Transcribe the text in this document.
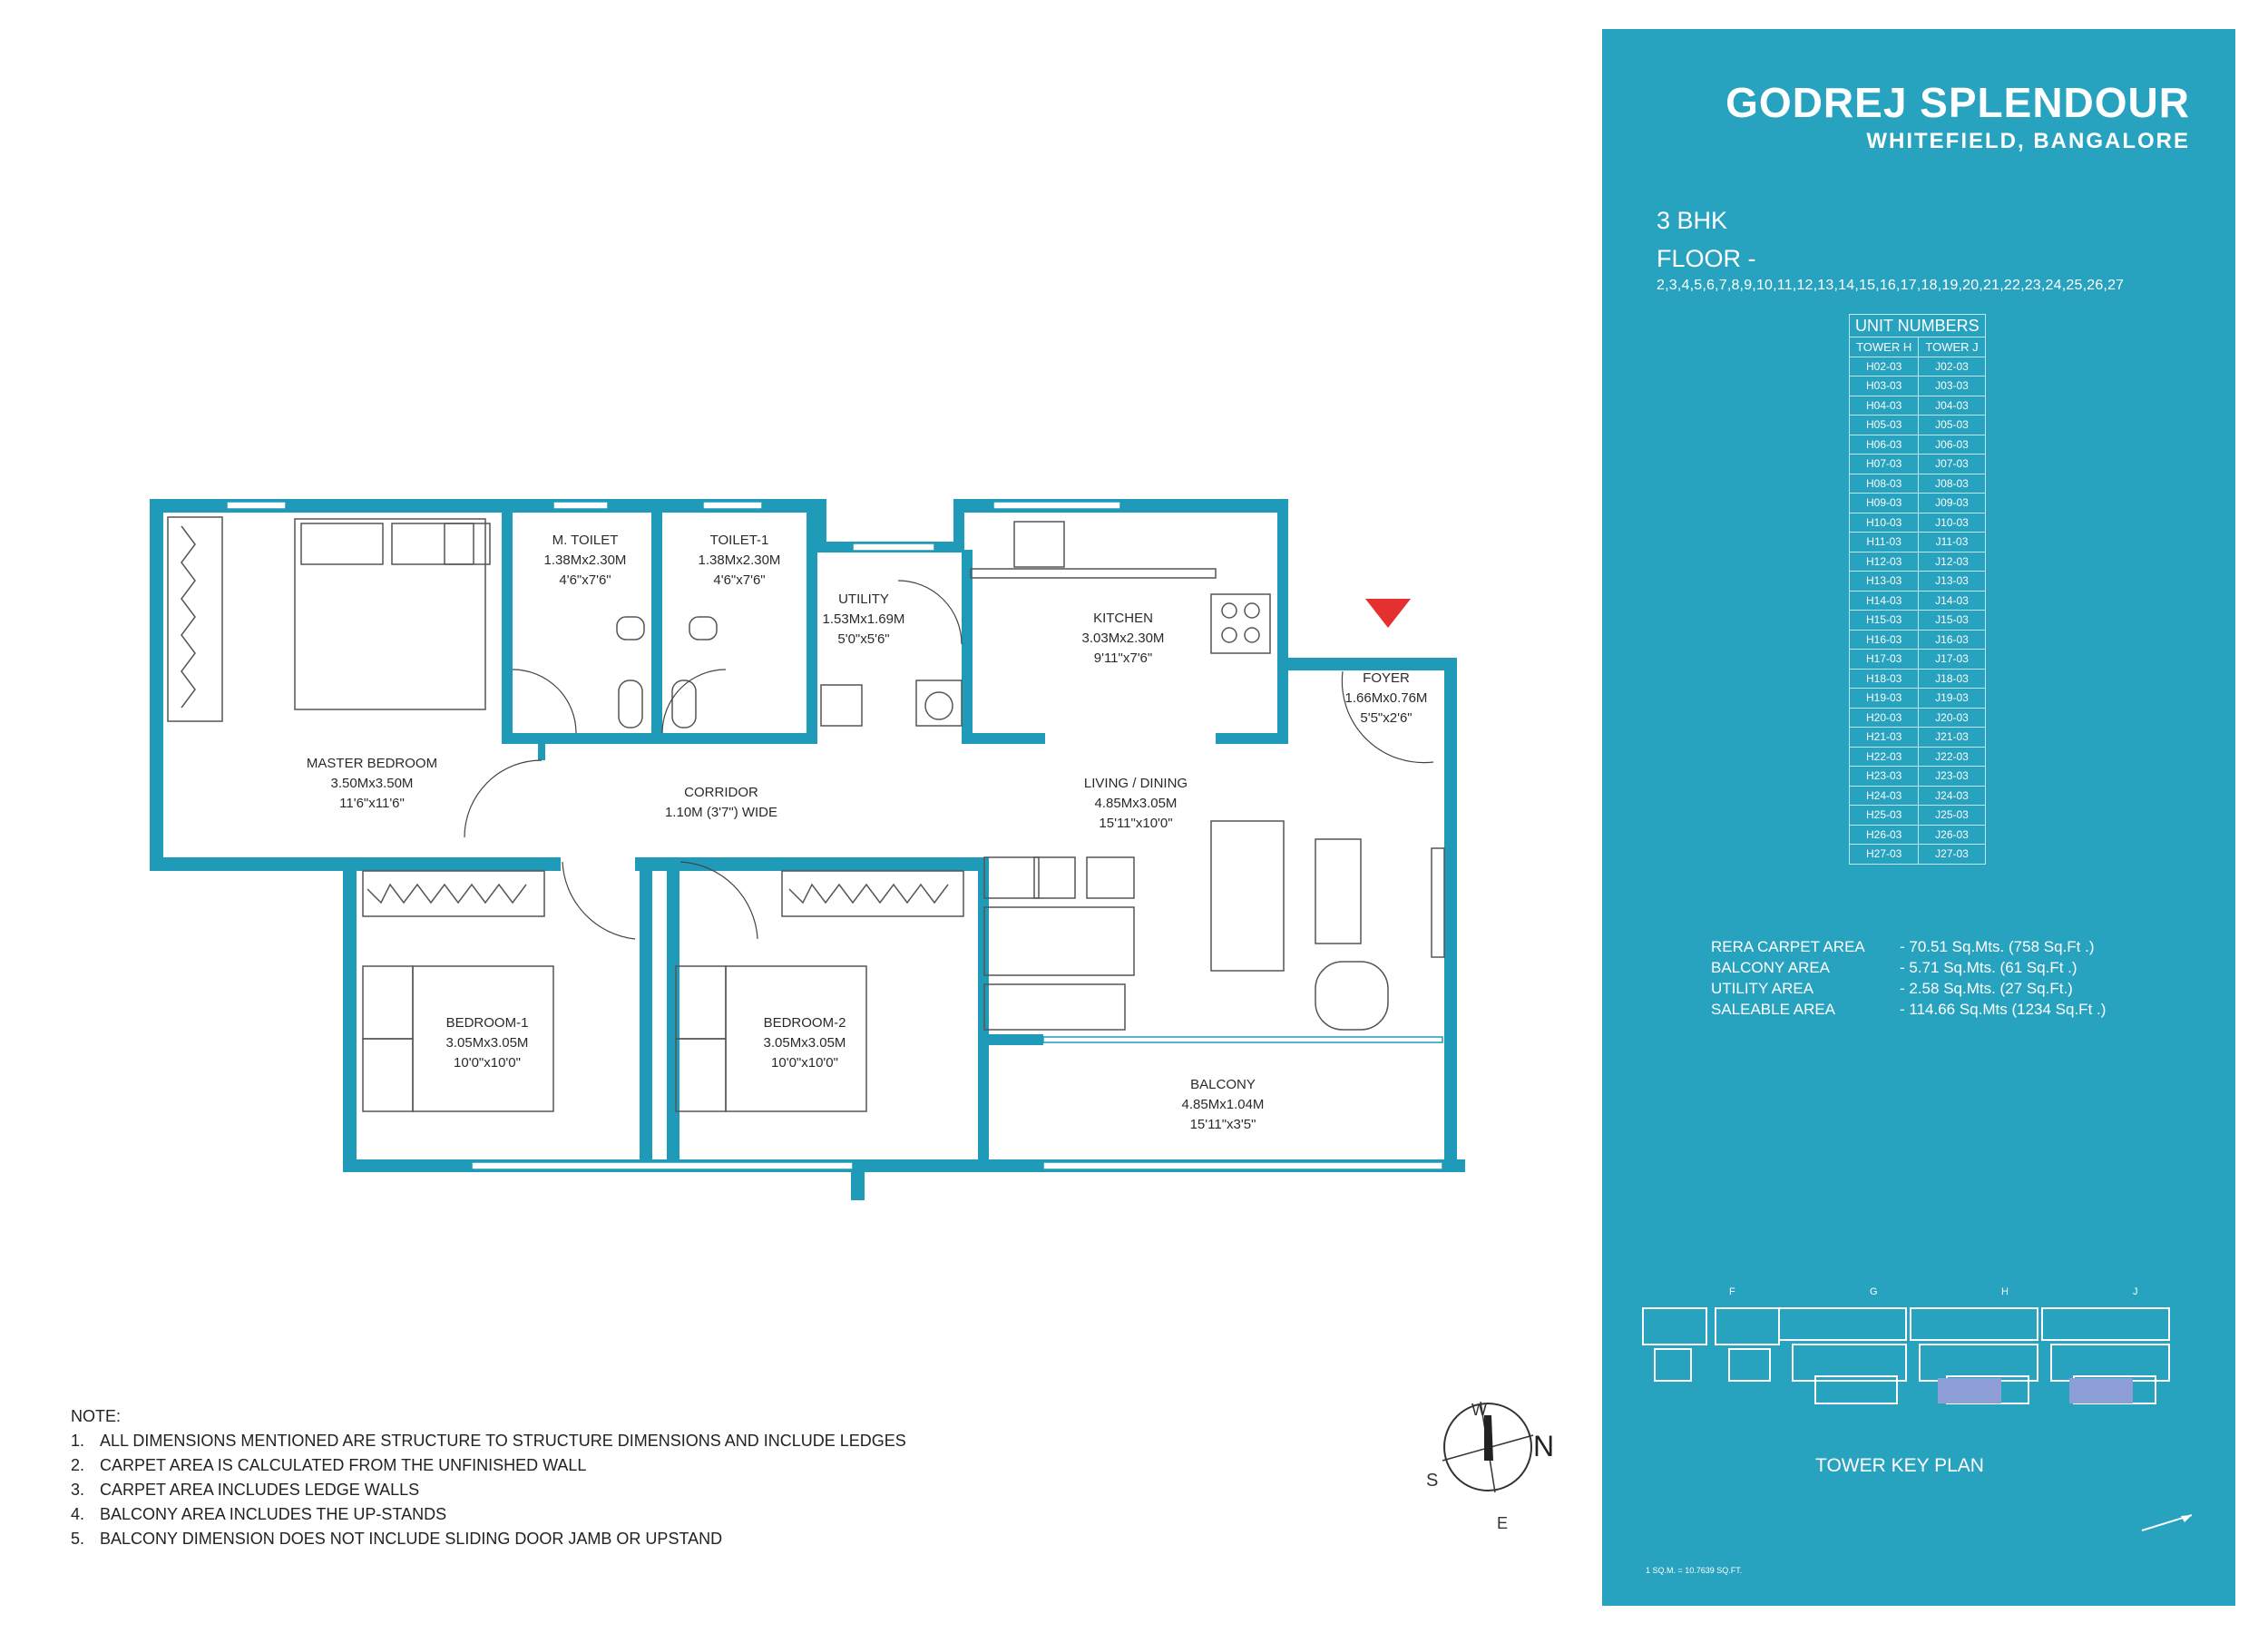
M. TOILET 1.38Mx2.30M 4'6"x7'6"
TOILET-1 1.38Mx2.30M 4'6"x7'6"
UTILITY 1.53Mx1.69M 5'0"x5'6"
KITCHEN 3.03Mx2.30M 9'11"x7'6"
FOYER 1.66Mx0.76M 5'5"x2'6"
MASTER BEDROOM 3.50Mx3.50M 11'6"x11'6"
CORRIDOR 1.10M (3'7") WIDE
LIVING / DINING 4.85Mx3.05M 15'11"x10'0"
BEDROOM-1 3.05Mx3.05M 10'0"x10'0"
BEDROOM-2 3.05Mx3.05M 10'0"x10'0"
BALCONY 4.85Mx1.04M 15'11"x3'5"
W
N
S
E
NOTE:
1. ALL DIMENSIONS MENTIONED ARE STRUCTURE TO STRUCTURE DIMENSIONS AND INCLUDE LEDGES
2. CARPET AREA IS CALCULATED FROM THE UNFINISHED WALL
3. CARPET AREA INCLUDES LEDGE WALLS
4. BALCONY AREA INCLUDES THE UP-STANDS
5. BALCONY DIMENSION DOES NOT INCLUDE SLIDING DOOR JAMB OR UPSTAND
GODREJ SPLENDOUR
WHITEFIELD, BANGALORE
3 BHK
FLOOR -
2,3,4,5,6,7,8,9,10,11,12,13,14,15,16,17,18,19,20,21,22,23,24,25,26,27
UNIT NUMBERS	
TOWER H	TOWER J
H02-03	J02-03
H03-03	J03-03
H04-03	J04-03
H05-03	J05-03
H06-03	J06-03
H07-03	J07-03
H08-03	J08-03
H09-03	J09-03
H10-03	J10-03
H11-03	J11-03
H12-03	J12-03
H13-03	J13-03
H14-03	J14-03
H15-03	J15-03
H16-03	J16-03
H17-03	J17-03
H18-03	J18-03
H19-03	J19-03
H20-03	J20-03
H21-03	J21-03
H22-03	J22-03
H23-03	J23-03
H24-03	J24-03
H25-03	J25-03
H26-03	J26-03
H27-03	J27-03
RERA CARPET AREA	- 70.51 Sq.Mts. (758 Sq.Ft .)
BALCONY AREA	- 5.71 Sq.Mts. (61 Sq.Ft .)
UTILITY AREA	- 2.58 Sq.Mts. (27 Sq.Ft.)
SALEABLE AREA	- 114.66 Sq.Mts (1234 Sq.Ft .)
F	G	H	J
TOWER KEY PLAN
1 SQ.M. = 10.7639 SQ.FT.
